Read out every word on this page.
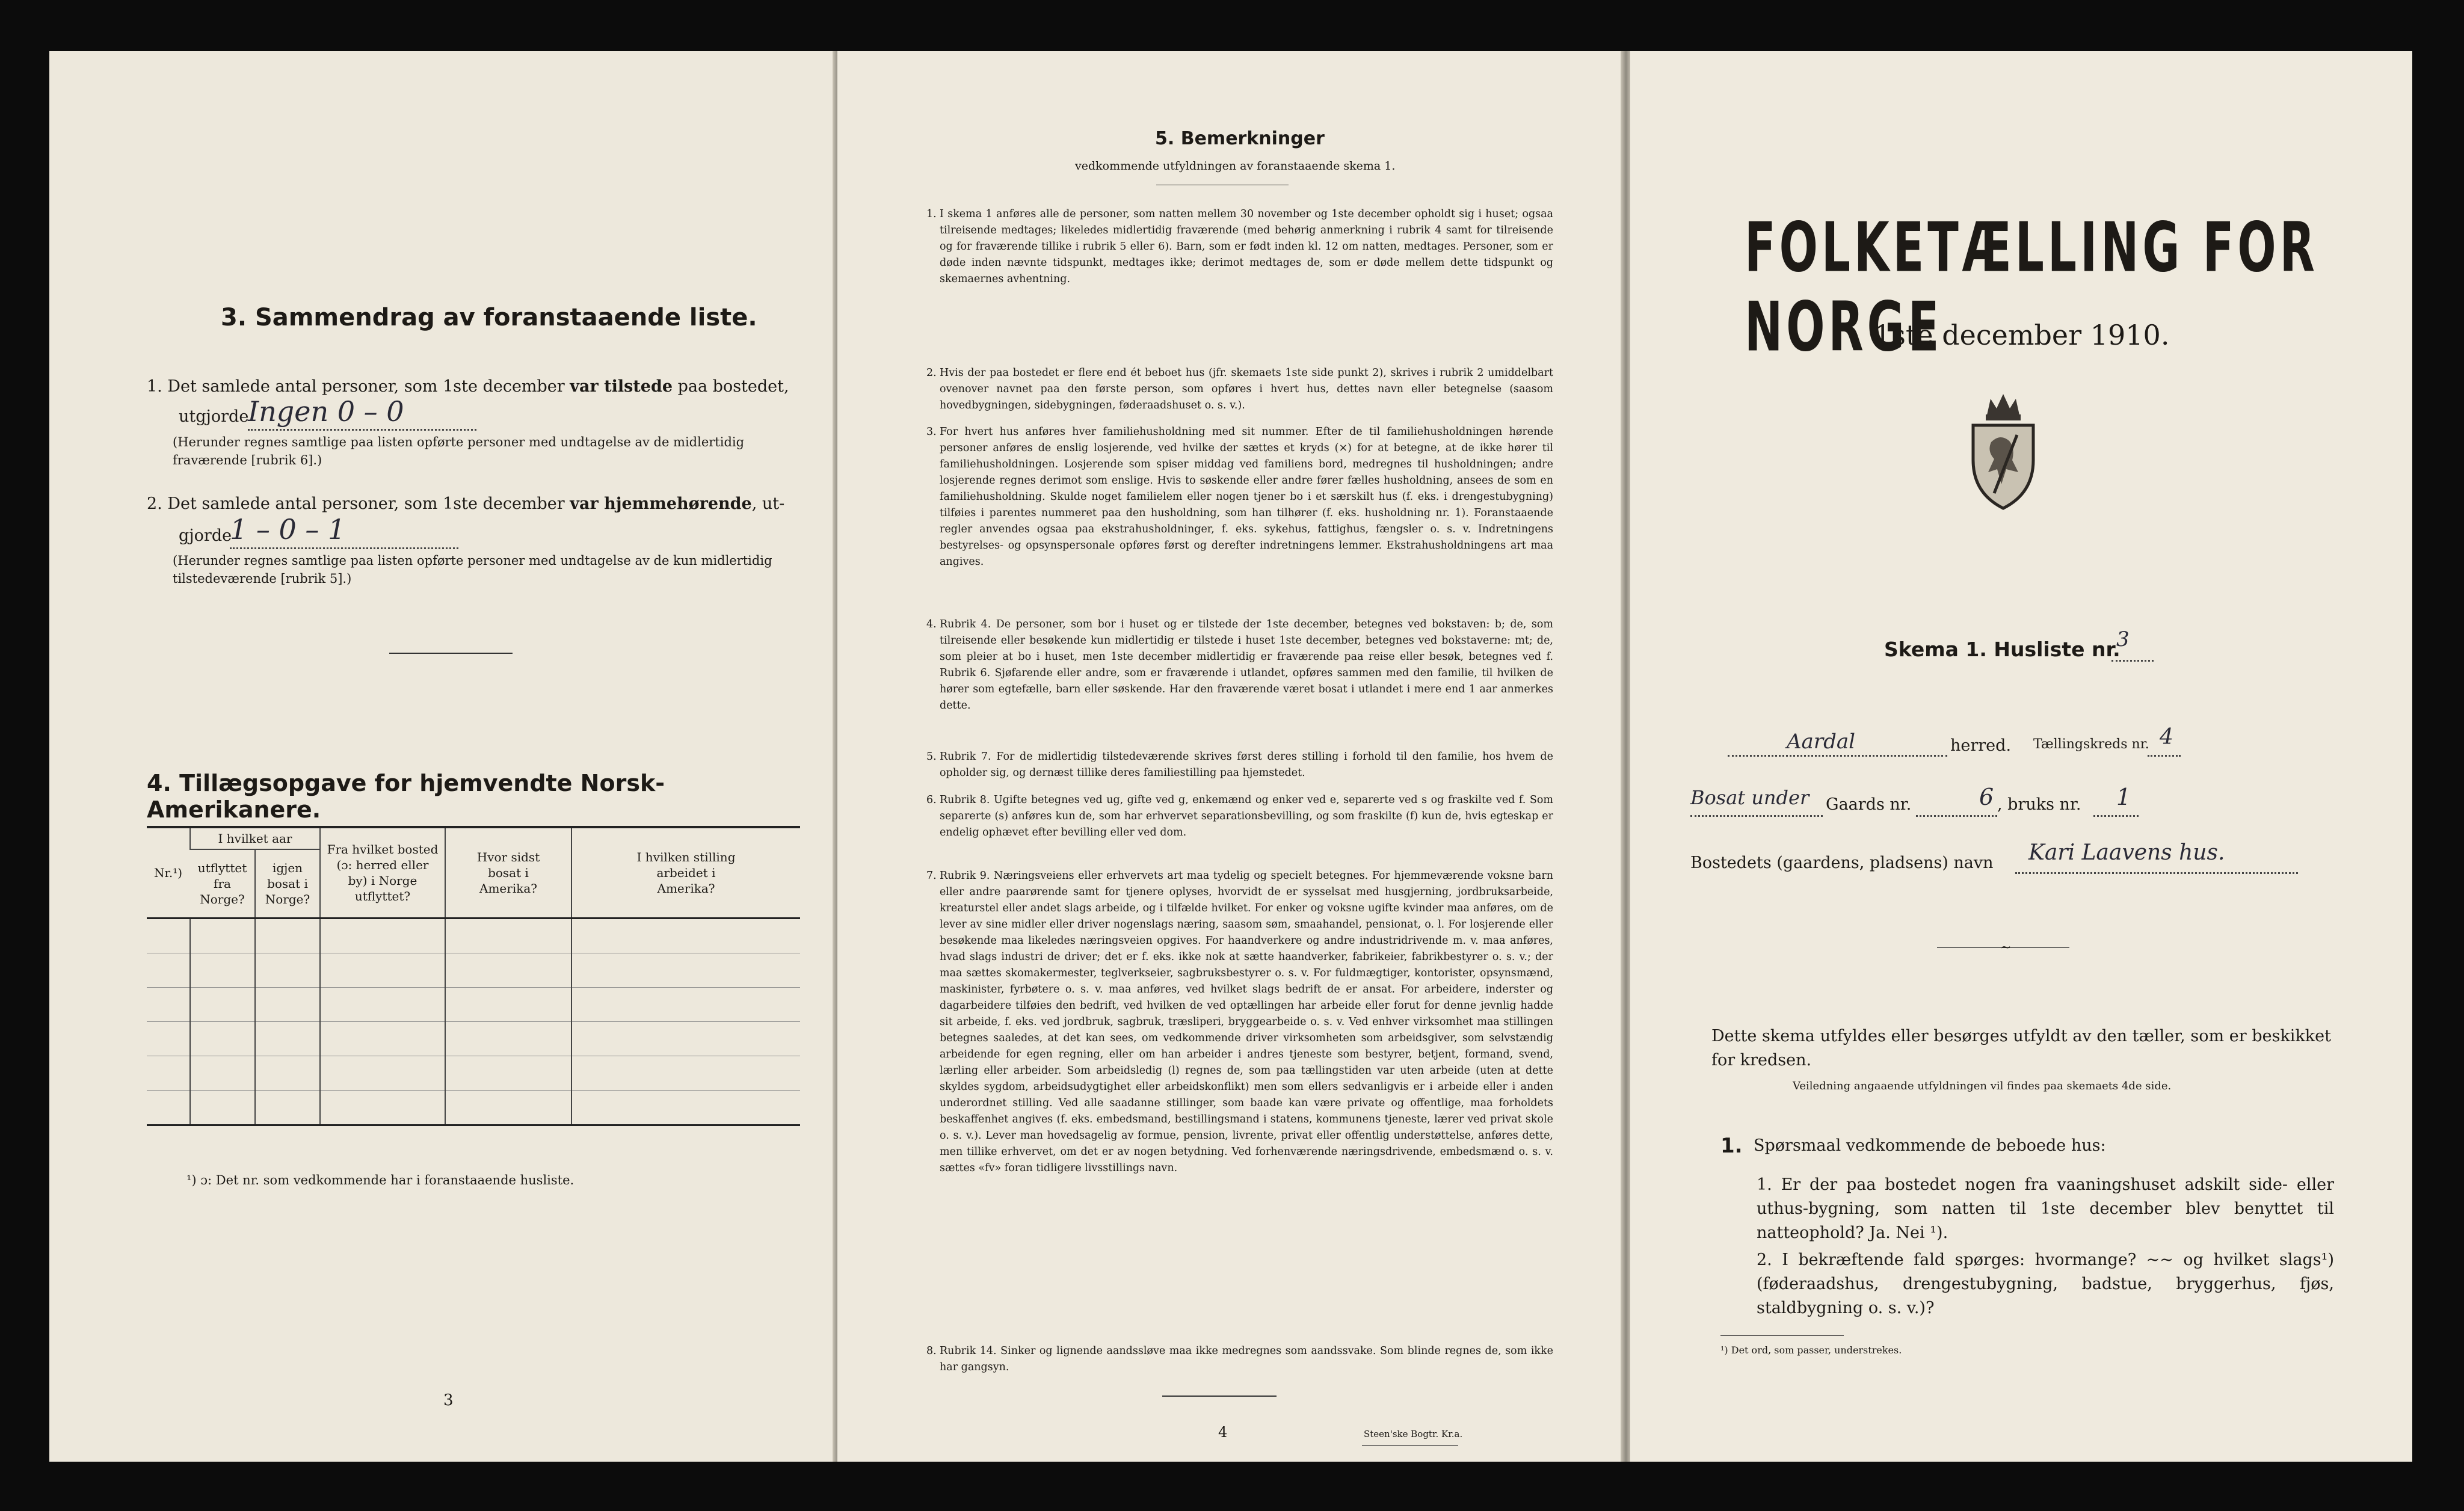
3. Sammendrag av foranstaaende liste.
1. Det samlede antal personer, som 1ste december var tilstede paa bostedet,
utgjorde
Ingen 0 – 0
(Herunder regnes samtlige paa listen opførte personer med undtagelse av de midlertidig fraværende [rubrik 6].)
2. Det samlede antal personer, som 1ste december var hjemmehørende, ut-
gjorde
1 – 0 – 1
(Herunder regnes samtlige paa listen opførte personer med undtagelse av de kun midlertidig tilstedeværende [rubrik 5].)
4. Tillægsopgave for hjemvendte Norsk-Amerikanere.
Nr.¹)	I hvilket aar		Fra hvilket bosted (ɔ: herred eller by) i Norge utflyttet?	Hvor sidst bosat i Amerika?	I hvilken stilling arbeidet i Amerika?
	utflyttet fra Norge?	igjen bosat i Norge?			

¹) ɔ: Det nr. som vedkommende har i foranstaaende husliste.
3
5. Bemerkninger
vedkommende utfyldningen av foranstaaende skema 1.
1. I skema 1 anføres alle de personer, som natten mellem 30 november og 1ste december opholdt sig i huset; ogsaa tilreisende medtages; likeledes midlertidig fraværende (med behørig anmerkning i rubrik 4 samt for tilreisende og for fraværende tillike i rubrik 5 eller 6). Barn, som er født inden kl. 12 om natten, medtages. Personer, som er døde inden nævnte tidspunkt, medtages ikke; derimot medtages de, som er døde mellem dette tidspunkt og skemaernes avhentning.
2. Hvis der paa bostedet er flere end ét beboet hus (jfr. skemaets 1ste side punkt 2), skrives i rubrik 2 umiddelbart ovenover navnet paa den første person, som opføres i hvert hus, dettes navn eller betegnelse (saasom hovedbygningen, sidebygningen, føderaadshuset o. s. v.).
3. For hvert hus anføres hver familiehusholdning med sit nummer. Efter de til familiehusholdningen hørende personer anføres de enslig losjerende, ved hvilke der sættes et kryds (×) for at betegne, at de ikke hører til familiehusholdningen. Losjerende som spiser middag ved familiens bord, medregnes til husholdningen; andre losjerende regnes derimot som enslige. Hvis to søskende eller andre fører fælles husholdning, ansees de som en familiehusholdning. Skulde noget familielem eller nogen tjener bo i et særskilt hus (f. eks. i drengestubygning) tilføies i parentes nummeret paa den husholdning, som han tilhører (f. eks. husholdning nr. 1). Foranstaaende regler anvendes ogsaa paa ekstrahusholdninger, f. eks. sykehus, fattighus, fængsler o. s. v. Indretningens bestyrelses- og opsynspersonale opføres først og derefter indretningens lemmer. Ekstrahusholdningens art maa angives.
4. Rubrik 4. De personer, som bor i huset og er tilstede der 1ste december, betegnes ved bokstaven: b; de, som tilreisende eller besøkende kun midlertidig er tilstede i huset 1ste december, betegnes ved bokstaverne: mt; de, som pleier at bo i huset, men 1ste december midlertidig er fraværende paa reise eller besøk, betegnes ved f. Rubrik 6. Sjøfarende eller andre, som er fraværende i utlandet, opføres sammen med den familie, til hvilken de hører som egtefælle, barn eller søskende. Har den fraværende været bosat i utlandet i mere end 1 aar anmerkes dette.
5. Rubrik 7. For de midlertidig tilstedeværende skrives først deres stilling i forhold til den familie, hos hvem de opholder sig, og dernæst tillike deres familiestilling paa hjemstedet.
6. Rubrik 8. Ugifte betegnes ved ug, gifte ved g, enkemænd og enker ved e, separerte ved s og fraskilte ved f. Som separerte (s) anføres kun de, som har erhvervet separationsbevilling, og som fraskilte (f) kun de, hvis egteskap er endelig ophævet efter bevilling eller ved dom.
7. Rubrik 9. Næringsveiens eller erhvervets art maa tydelig og specielt betegnes. For hjemmeværende voksne barn eller andre paarørende samt for tjenere oplyses, hvorvidt de er sysselsat med husgjerning, jordbruksarbeide, kreaturstel eller andet slags arbeide, og i tilfælde hvilket. For enker og voksne ugifte kvinder maa anføres, om de lever av sine midler eller driver nogenslags næring, saasom søm, smaahandel, pensionat, o. l. For losjerende eller besøkende maa likeledes næringsveien opgives. For haandverkere og andre industridrivende m. v. maa anføres, hvad slags industri de driver; det er f. eks. ikke nok at sætte haandverker, fabrikeier, fabrikbestyrer o. s. v.; der maa sættes skomakermester, teglverkseier, sagbruksbestyrer o. s. v. For fuldmægtiger, kontorister, opsynsmænd, maskinister, fyrbøtere o. s. v. maa anføres, ved hvilket slags bedrift de er ansat. For arbeidere, inderster og dagarbeidere tilføies den bedrift, ved hvilken de ved optællingen har arbeide eller forut for denne jevnlig hadde sit arbeide, f. eks. ved jordbruk, sagbruk, træsliperi, bryggearbeide o. s. v. Ved enhver virksomhet maa stillingen betegnes saaledes, at det kan sees, om vedkommende driver virksomheten som arbeidsgiver, som selvstændig arbeidende for egen regning, eller om han arbeider i andres tjeneste som bestyrer, betjent, formand, svend, lærling eller arbeider. Som arbeidsledig (l) regnes de, som paa tællingstiden var uten arbeide (uten at dette skyldes sygdom, arbeidsudygtighet eller arbeidskonflikt) men som ellers sedvanligvis er i arbeide eller i anden underordnet stilling. Ved alle saadanne stillinger, som baade kan være private og offentlige, maa forholdets beskaffenhet angives (f. eks. embedsmand, bestillingsmand i statens, kommunens tjeneste, lærer ved privat skole o. s. v.). Lever man hovedsagelig av formue, pension, livrente, privat eller offentlig understøttelse, anføres dette, men tillike erhvervet, om det er av nogen betydning. Ved forhenværende næringsdrivende, embedsmænd o. s. v. sættes «fv» foran tidligere livsstillings navn.
8. Rubrik 14. Sinker og lignende aandssløve maa ikke medregnes som aandssvake. Som blinde regnes de, som ikke har gangsyn.
4	Steen'ske Bogtr. Kr.a.
FOLKETÆLLING FOR NORGE
1ste december 1910.
Skema 1. Husliste nr.
3
Aardal	herred. Tællingskreds nr. 4
Bosat under Gaards nr.	6 , bruks nr. 1
Bostedets (gaardens, pladsens) navn Kari Laavens hus.
~
Dette skema utfyldes eller besørges utfyldt av den tæller, som er beskikket for kredsen.
Veiledning angaaende utfyldningen vil findes paa skemaets 4de side.
1. Spørsmaal vedkommende de beboede hus:
1. Er der paa bostedet nogen fra vaaningshuset adskilt side- eller uthus-bygning, som natten til 1ste december blev benyttet til natteophold? Ja. Nei ¹).
2. I bekræftende fald spørges: hvormange? ~~ og hvilket slags¹) (føderaadshus, drengestubygning, badstue, bryggerhus, fjøs, staldbygning o. s. v.)?
¹) Det ord, som passer, understrekes.
